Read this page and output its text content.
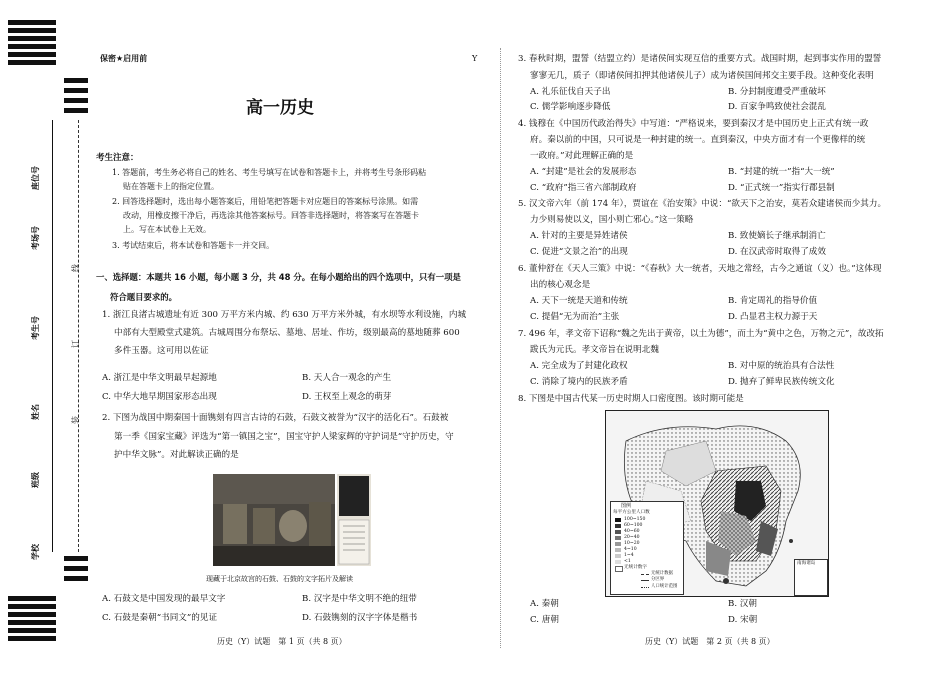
座位号
考场号
考生号
姓名
班级
学校
线
订
装
保密★启用前	Y
高一历史
考生注意：
1. 答题前，考生务必将自己的姓名、考生号填写在试卷和答题卡上，并将考生号条形码粘
贴在答题卡上的指定位置。
2. 回答选择题时，选出每小题答案后，用铅笔把答题卡对应题目的答案标号涂黑。如需
改动，用橡皮擦干净后，再选涂其他答案标号。回答非选择题时，将答案写在答题卡
上。写在本试卷上无效。
3. 考试结束后，将本试卷和答题卡一并交回。
一、选择题：本题共 16 小题，每小题 3 分，共 48 分。在每小题给出的四个选项中，只有一项是
符合题目要求的。
1. 浙江良渚古城遗址有近 300 万平方米内城、约 630 万平方米外城，有水坝等水利设施，内城
中部有大型殿堂式建筑。古城周围分布祭坛、墓地、居址、作坊，级别最高的墓地随葬 600
多件玉器。这可用以佐证
A. 浙江是中华文明最早起源地	B. 天人合一观念的产生
C. 中华大地早期国家形态出现	D. 王权至上观念的萌芽
2. 下图为战国中期秦国十面镌刻有四言古诗的石鼓，石鼓文被誉为“汉字的活化石”。石鼓被
第一季《国家宝藏》评选为“第一镇国之宝”，国宝守护人梁家辉的守护词是“守护历史，守
护中华文脉”。对此解读正确的是
现藏于北京故宫的石鼓、石鼓的文字拓片及解读
A. 石鼓文是中国发现的最早文字	B. 汉字是中华文明不绝的纽带
C. 石鼓是秦朝“书同文”的见证	D. 石鼓镌刻的汉字字体是楷书
历史（Y）试题　第 1 页（共 8 页）
3. 春秋时期，盟誓（结盟立约）是诸侯间实现互信的重要方式。战国时期，起到事实作用的盟誓
寥寥无几，质子（即诸侯间扣押其他诸侯儿子）成为诸侯国间邦交主要手段。这种变化表明
A. 礼乐征伐自天子出	B. 分封制度遭受严重破坏
C. 儒学影响逐步降低	D. 百家争鸣致使社会混乱
4. 钱穆在《中国历代政治得失》中写道：“严格说来，要到秦汉才是中国历史上正式有统一政
府。秦以前的中国，只可说是一种封建的统一。直到秦汉，中央方面才有一个更像样的统
一政府。”对此理解正确的是
A. “封建”是社会的发展形态	B. “封建的统一”指“大一统”
C. “政府”指三省六部制政府	D. “正式统一”指实行郡县制
5. 汉文帝六年（前 174 年），贾谊在《治安策》中说：“欲天下之治安，莫若众建诸侯而少其力。
力少则易使以义，国小则亡邪心。”这一策略
A. 针对的主要是异姓诸侯	B. 致使嫡长子继承制消亡
C. 促进“文景之治”的出现	D. 在汉武帝时取得了成效
6. 董仲舒在《天人三策》中说：“《春秋》大一统者，天地之常经，古今之通谊（义）也。”这体现
出的核心观念是
A. 天下一统是天道和传统	B. 肯定周礼的指导价值
C. 提倡“无为而治”主张	D. 凸显君主权力源于天
7. 496 年，孝文帝下诏称“魏之先出于黄帝，以土为德”，而土为“黄中之色，万物之元”，故改拓
跋氏为元氏。孝文帝旨在说明北魏
A. 完全成为了封建化政权	B. 对中原的统治具有合法性
C. 消除了境内的民族矛盾	D. 抛弃了鲜卑民族传统文化
8. 下图是中国古代某一历史时期人口密度图。该时期可能是
图例
每平方公里人口数
100~150
60~100
40~60
20~40
10~20
4~10
1~4
<1
无统计数字
无统计数据
分区界
人口统计范围
南海诸岛
A. 秦朝	B. 汉朝
C. 唐朝	D. 宋朝
历史（Y）试题　第 2 页（共 8 页）
